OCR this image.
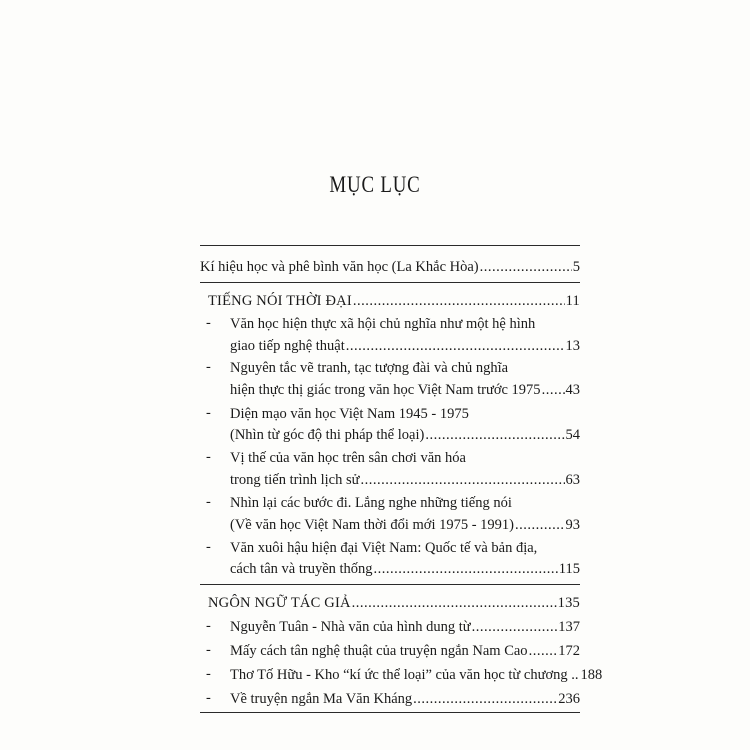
MỤC LỤC
Kí hiệu học và phê bình văn học (La Khắc Hòa) .....	5
TIẾNG NÓI THỜI ĐẠI .....	11
-	Văn học hiện thực xã hội chủ nghĩa như một hệ hình
giao tiếp nghệ thuật .....	13
-	Nguyên tắc vẽ tranh, tạc tượng đài và chủ nghĩa
hiện thực thị giác trong văn học Việt Nam trước 1975 ..... 43
-	Diện mạo văn học Việt Nam 1945 - 1975
(Nhìn từ góc độ thi pháp thể loại) .....	54
-	Vị thế của văn học trên sân chơi văn hóa
trong tiến trình lịch sử .....	63
-	Nhìn lại các bước đi. Lắng nghe những tiếng nói
(Về văn học Việt Nam thời đổi mới 1975 - 1991) .....	93
-	Văn xuôi hậu hiện đại Việt Nam: Quốc tế và bản địa,
cách tân và truyền thống .....	115
NGÔN NGỮ TÁC GIẢ .....	135
-	Nguyễn Tuân - Nhà văn của hình dung từ .....	137
-	Mấy cách tân nghệ thuật của truyện ngắn Nam Cao ..... 172
-	Thơ Tố Hữu - Kho “kí ức thể loại” của văn học từ chương .. 188
-	Về truyện ngắn Ma Văn Kháng .....	236
